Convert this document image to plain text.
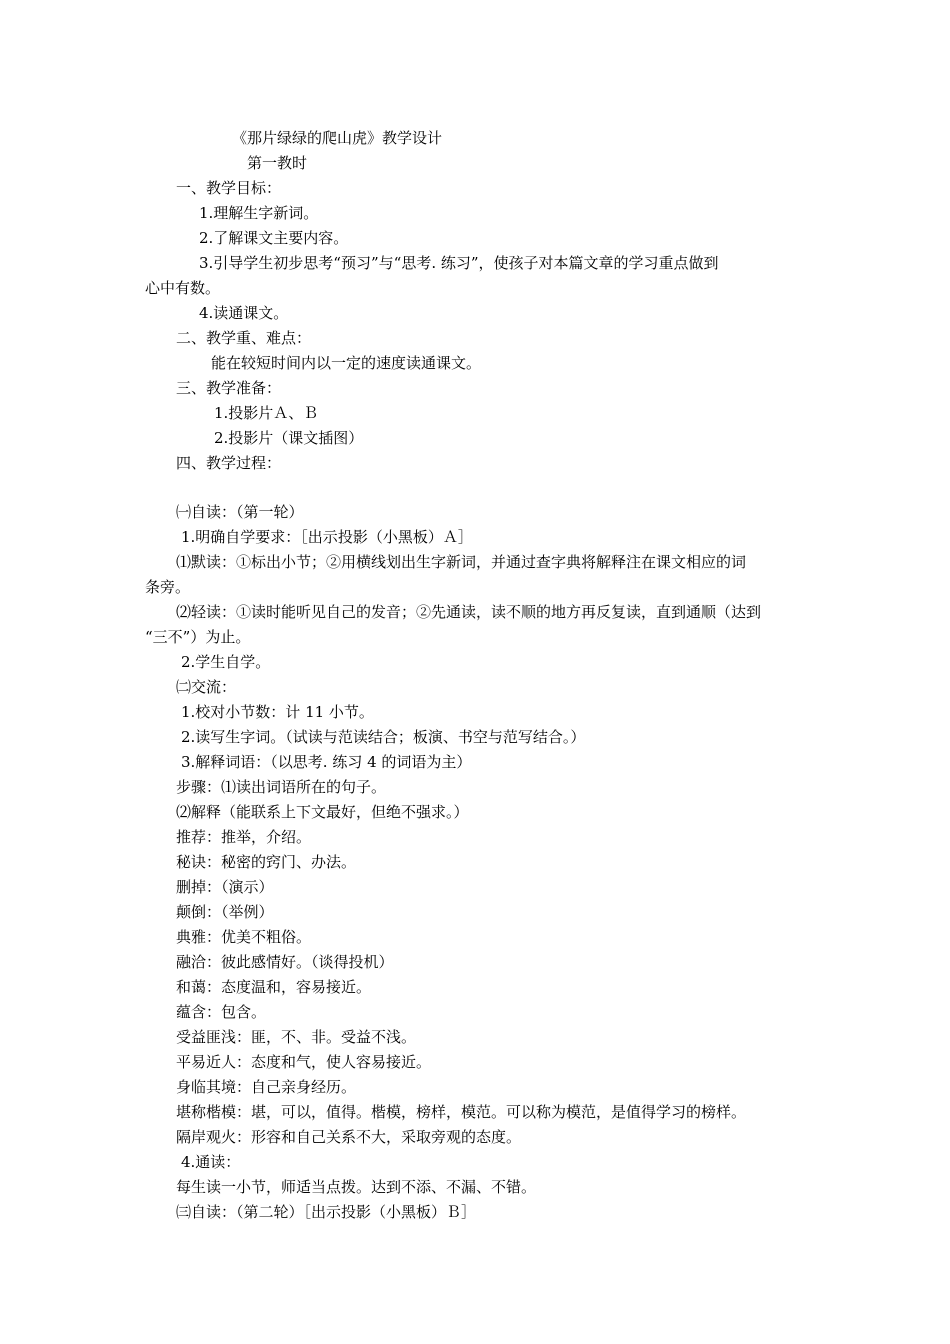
《那片绿绿的爬山虎》教学设计
第一教时
一、教学目标：
1.理解生字新词。
2.了解课文主要内容。
3.引导学生初步思考“预习”与“思考. 练习”，使孩子对本篇文章的学习重点做到
心中有数。
4.读通课文。
二、教学重、难点：
能在较短时间内以一定的速度读通课文。
三、教学准备：
1.投影片Ａ、Ｂ
2.投影片（课文插图）
四、教学过程：
㈠自读：（第一轮）
1.明确自学要求：［出示投影（小黑板）Ａ］
⑴默读：①标出小节；②用横线划出生字新词，并通过查字典将解释注在课文相应的词
条旁。
⑵轻读：①读时能听见自己的发音；②先通读，读不顺的地方再反复读，直到通顺（达到
“三不”）为止。
2.学生自学。
㈡交流：
1.校对小节数：计 11 小节。
2.读写生字词。（试读与范读结合；板演、书空与范写结合。）
3.解释词语：（以思考. 练习 4 的词语为主）
步骤：⑴读出词语所在的句子。
⑵解释（能联系上下文最好，但绝不强求。）
推荐：推举，介绍。
秘诀：秘密的窍门、办法。
删掉：（演示）
颠倒：（举例）
典雅：优美不粗俗。
融洽：彼此感情好。（谈得投机）
和蔼：态度温和，容易接近。
蕴含：包含。
受益匪浅：匪，不、非。受益不浅。
平易近人：态度和气，使人容易接近。
身临其境：自己亲身经历。
堪称楷模：堪，可以，值得。楷模，榜样，模范。可以称为模范，是值得学习的榜样。
隔岸观火：形容和自己关系不大，采取旁观的态度。
4.通读：
每生读一小节，师适当点拨。达到不添、不漏、不错。
㈢自读：（第二轮）［出示投影（小黑板）Ｂ］
